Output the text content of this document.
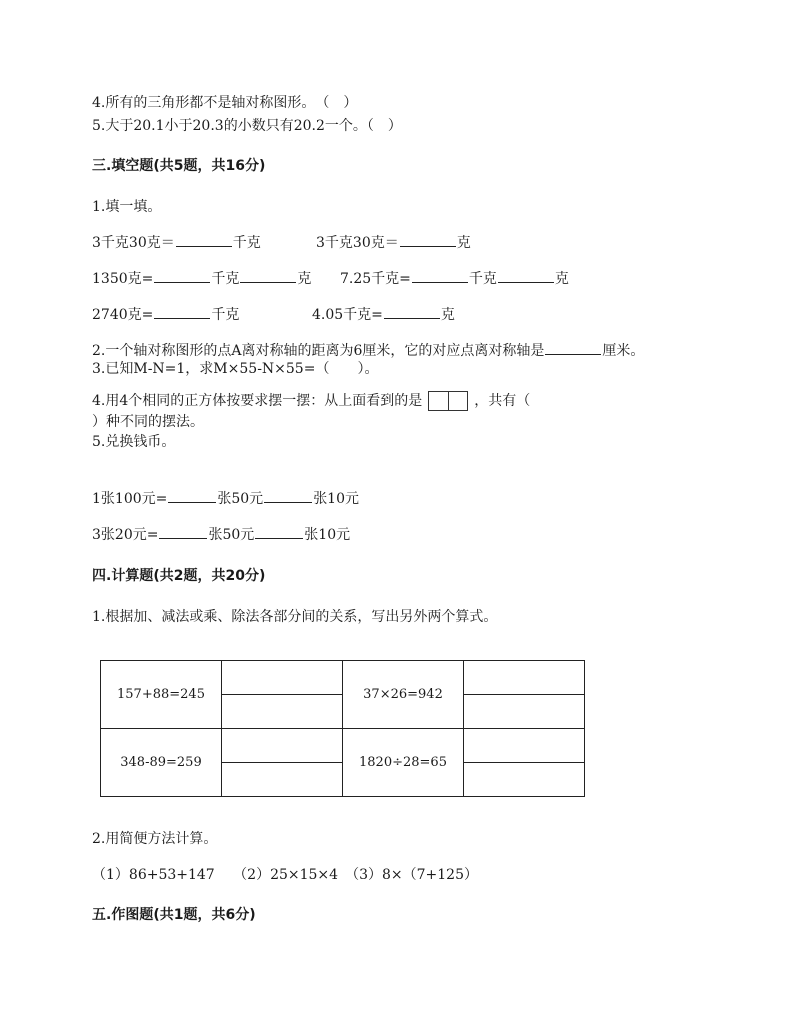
4.所有的三角形都不是轴对称图形。　（　）
5.大于20.1小于20.3的小数只有20.2一个。（　）
三.填空题(共5题，共16分)
1.填一填。
3千克30克＝	千克	3千克30克＝	克
1350克=	千克	克 7.25千克=	千克	克
2740克=	千克	4.05千克=	克
2.一个轴对称图形的点A离对称轴的距离为6厘米，它的对应点离对称轴是	厘米。
3.已知M-N=1，求M×55-N×55=（　　）。
4.用4个相同的正方体按要求摆一摆：从上面看到的是	，共有（
）种不同的摆法。
5.兑换钱币。
1张100元=	张50元	张10元
3张20元=	张50元	张10元
四.计算题(共2题，共20分)
1.根据加、减法或乘、除法各部分间的关系，写出另外两个算式。
157+88=245		37×26=942	

348-89=259		1820÷28=65	

2.用简便方法计算。
（1）86+53+147　 （2）25×15×4　（3）8×（7+125）
五.作图题(共1题，共6分)
